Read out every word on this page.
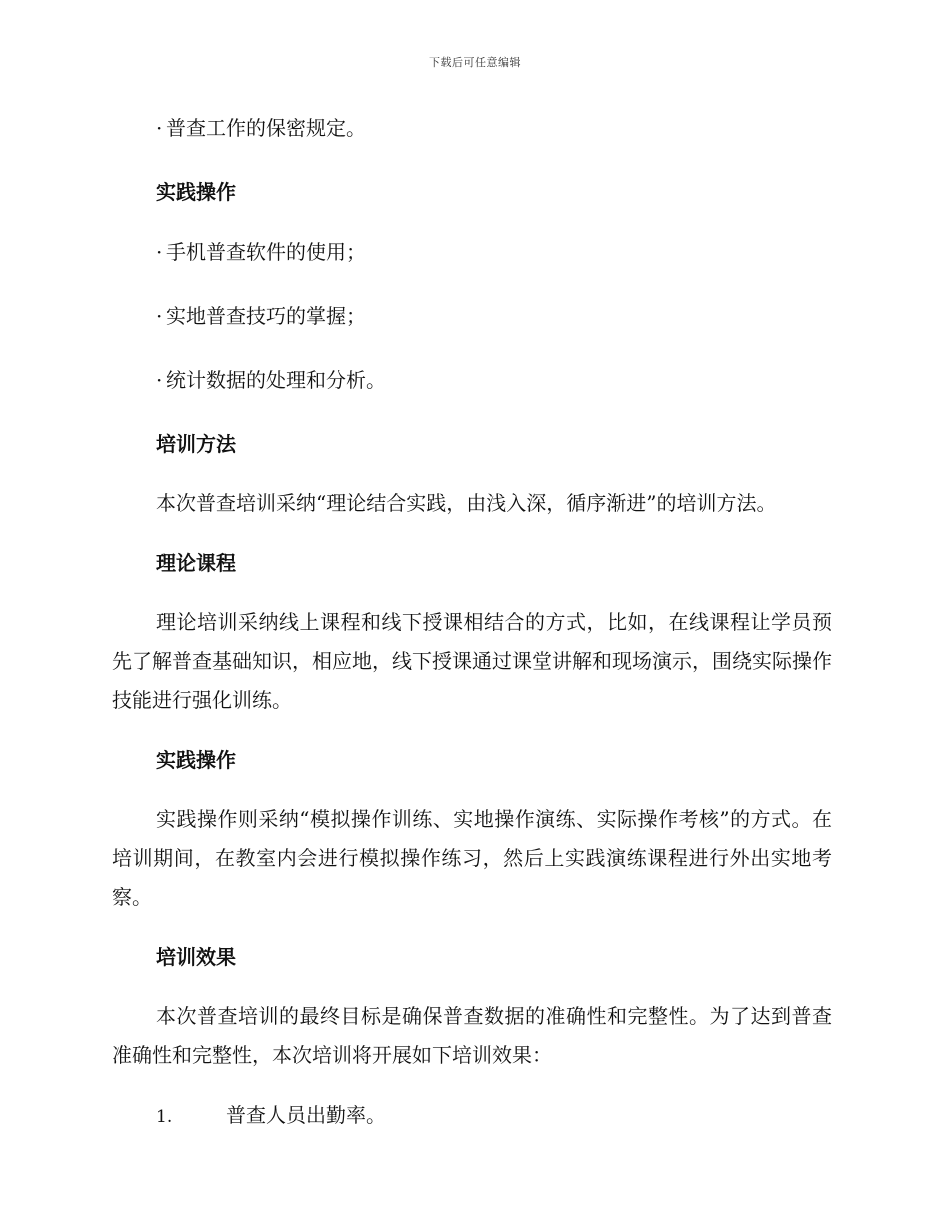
下载后可任意编辑
· 普查工作的保密规定。
实践操作
· 手机普查软件的使用；
· 实地普查技巧的掌握；
· 统计数据的处理和分析。
培训方法
本次普查培训采纳“理论结合实践，由浅入深，循序渐进”的培训方法。
理论课程
理论培训采纳线上课程和线下授课相结合的方式，比如，在线课程让学员预先了解普查基础知识，相应地，线下授课通过课堂讲解和现场演示，围绕实际操作技能进行强化训练。
实践操作
实践操作则采纳“模拟操作训练、实地操作演练、实际操作考核”的方式。在培训期间，在教室内会进行模拟操作练习，然后上实践演练课程进行外出实地考察。
培训效果
本次普查培训的最终目标是确保普查数据的准确性和完整性。为了达到普查准确性和完整性，本次培训将开展如下培训效果：
1.	普查人员出勤率。
